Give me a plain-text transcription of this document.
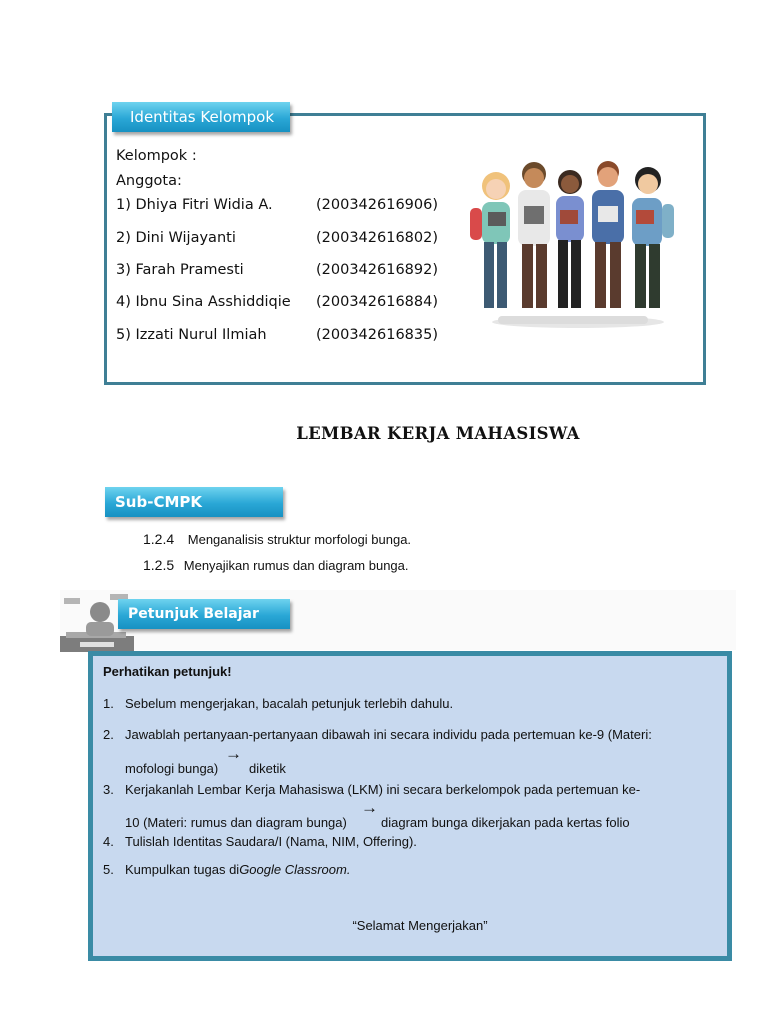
Identitas Kelompok
Kelompok :
Anggota:
1) Dhiya Fitri Widia A.	(200342616906)
2) Dini Wijayanti	(200342616802)
3) Farah Pramesti	(200342616892)
4) Ibnu Sina Asshiddiqie (200342616884)
5) Izzati Nurul Ilmiah	(200342616835)
LEMBAR KERJA MAHASISWA
Sub-CMPK
1.2.4 Menganalisis struktur morfologi bunga.
1.2.5 Menyajikan rumus dan diagram bunga.
Petunjuk Belajar
Perhatikan petunjuk!
1. Sebelum mengerjakan, bacalah petunjuk terlebih dahulu.
2. Jawablah pertanyaan-pertanyaan dibawah ini secara individu pada pertemuan ke-9 (Materi:
mofologi bunga)
→
diketik
3. Kerjakanlah Lembar Kerja Mahasiswa (LKM) ini secara berkelompok pada pertemuan ke-
10 (Materi: rumus dan diagram bunga)
→
diagram bunga dikerjakan pada kertas folio
4. Tulislah Identitas Saudara/I (Nama, NIM, Offering).
5. Kumpulkan tugas diGoogle Classroom.
“Selamat Mengerjakan”
